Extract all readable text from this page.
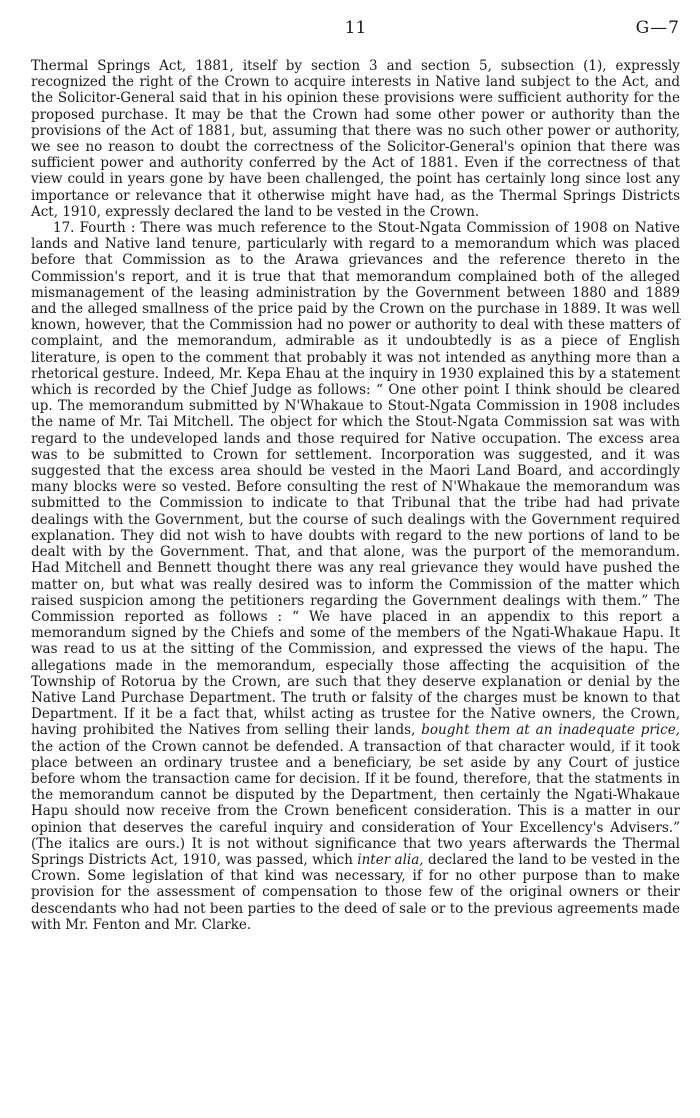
11	G—7

Thermal Springs Act, 1881, itself by section 3 and section 5, subsection (1), expressly recognized the right of the Crown to acquire interests in Native land subject to the Act, and the Solicitor-General said that in his opinion these provisions were sufficient authority for the proposed purchase. It may be that the Crown had some other power or authority than the provisions of the Act of 1881, but, assuming that there was no such other power or authority, we see no reason to doubt the correctness of the Solicitor-General's opinion that there was sufficient power and authority conferred by the Act of 1881. Even if the correctness of that view could in years gone by have been challenged, the point has certainly long since lost any importance or relevance that it otherwise might have had, as the Thermal Springs Districts Act, 1910, expressly declared the land to be vested in the Crown.

17. Fourth : There was much reference to the Stout-Ngata Commission of 1908 on Native lands and Native land tenure, particularly with regard to a memorandum which was placed before that Commission as to the Arawa grievances and the reference thereto in the Commission's report, and it is true that that memorandum complained both of the alleged mismanagement of the leasing administration by the Government between 1880 and 1889 and the alleged smallness of the price paid by the Crown on the purchase in 1889. It was well known, however, that the Commission had no power or authority to deal with these matters of complaint, and the memorandum, admirable as it undoubtedly is as a piece of English literature, is open to the comment that probably it was not intended as anything more than a rhetorical gesture. Indeed, Mr. Kepa Ehau at the inquiry in 1930 explained this by a statement which is recorded by the Chief Judge as follows: “ One other point I think should be cleared up. The memorandum submitted by N'Whakaue to Stout-Ngata Commission in 1908 includes the name of Mr. Tai Mitchell. The object for which the Stout-Ngata Commission sat was with regard to the undeveloped lands and those required for Native occupation. The excess area was to be submitted to Crown for settlement. Incorporation was suggested, and it was suggested that the excess area should be vested in the Maori Land Board, and accordingly many blocks were so vested. Before consulting the rest of N'Whakaue the memorandum was submitted to the Commission to indicate to that Tribunal that the tribe had had private dealings with the Government, but the course of such dealings with the Government required explanation. They did not wish to have doubts with regard to the new portions of land to be dealt with by the Government. That, and that alone, was the purport of the memorandum. Had Mitchell and Bennett thought there was any real grievance they would have pushed the matter on, but what was really desired was to inform the Commission of the matter which raised suspicion among the petitioners regarding the Government dealings with them.” The Commission reported as follows : “ We have placed in an appendix to this report a memorandum signed by the Chiefs and some of the members of the Ngati-Whakaue Hapu. It was read to us at the sitting of the Commission, and expressed the views of the hapu. The allegations made in the memorandum, especially those affecting the acquisition of the Township of Rotorua by the Crown, are such that they deserve explanation or denial by the Native Land Purchase Department. The truth or falsity of the charges must be known to that Department. If it be a fact that, whilst acting as trustee for the Native owners, the Crown, having prohibited the Natives from selling their lands, bought them at an inadequate price, the action of the Crown cannot be defended. A transaction of that character would, if it took place between an ordinary trustee and a beneficiary, be set aside by any Court of justice before whom the transaction came for decision. If it be found, therefore, that the statments in the memorandum cannot be disputed by the Department, then certainly the Ngati-Whakaue Hapu should now receive from the Crown beneficent consideration. This is a matter in our opinion that deserves the careful inquiry and consideration of Your Excellency's Advisers.” (The italics are ours.) It is not without significance that two years afterwards the Thermal Springs Districts Act, 1910, was passed, which inter alia, declared the land to be vested in the Crown. Some legislation of that kind was necessary, if for no other purpose than to make provision for the assessment of compensation to those few of the original owners or their descendants who had not been parties to the deed of sale or to the previous agreements made with Mr. Fenton and Mr. Clarke.
